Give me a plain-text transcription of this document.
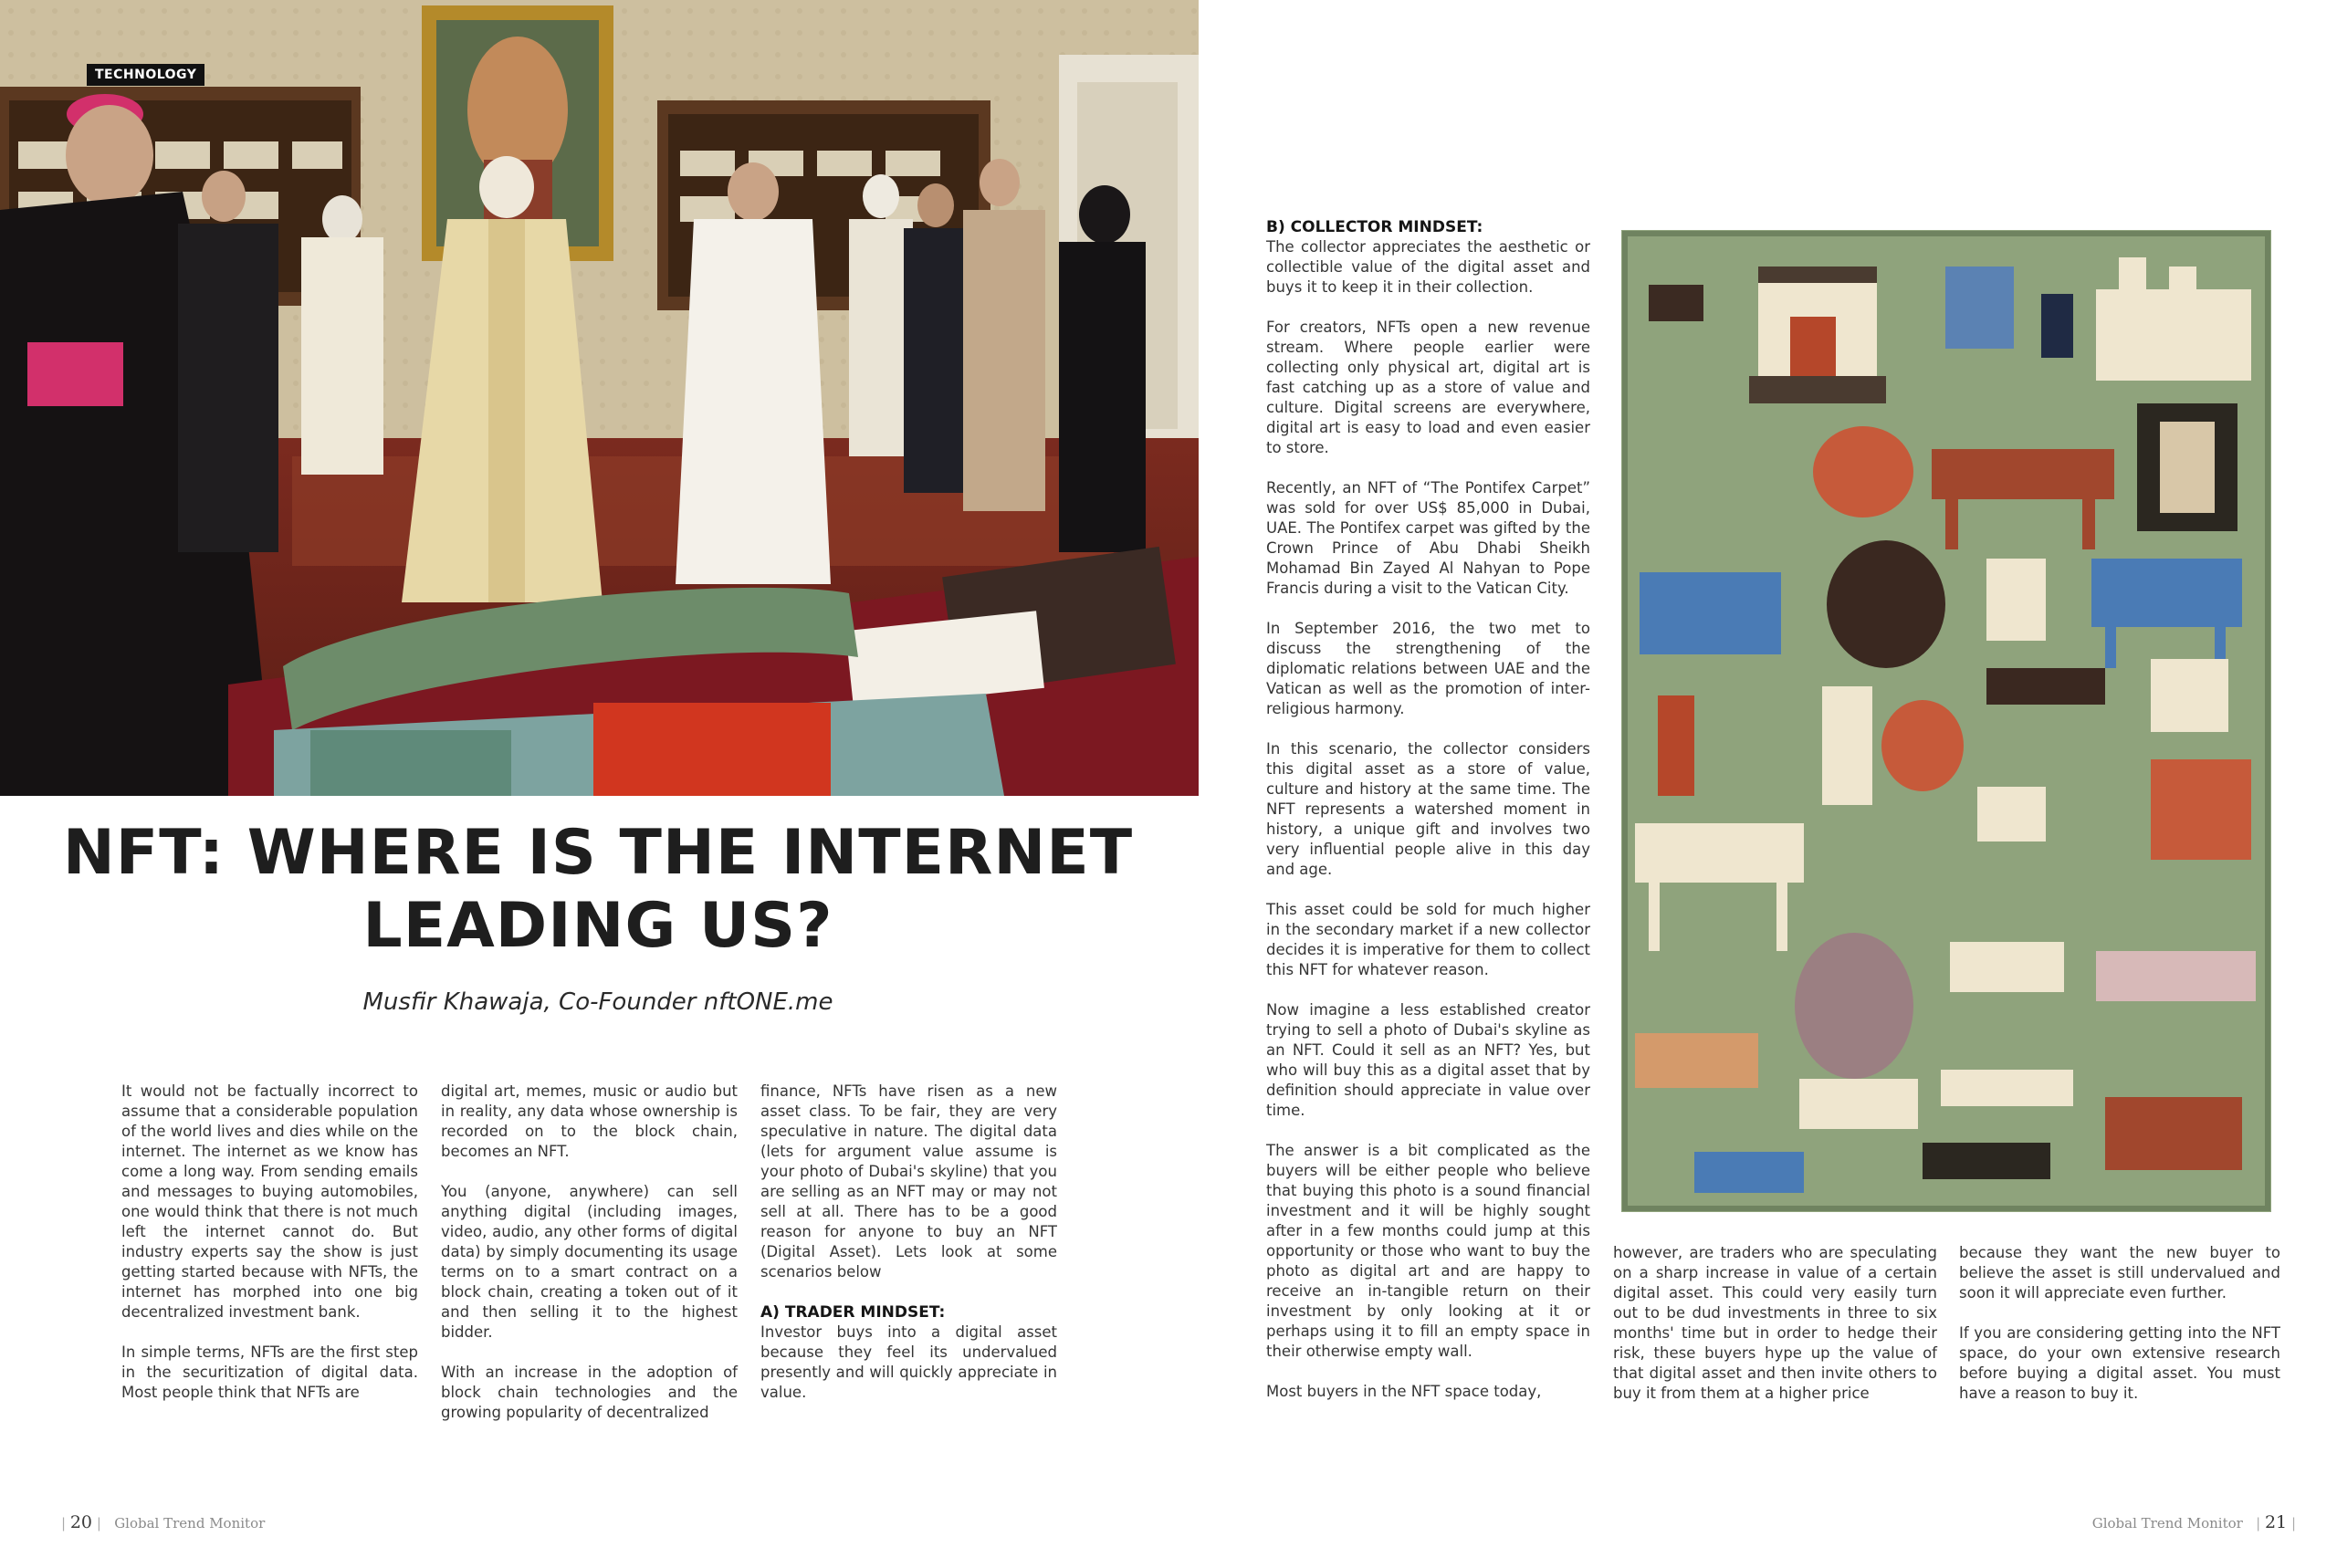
TECHNOLOGY
NFT: WHERE IS THE INTERNET
LEADING US?
Musfir Khawaja, Co-Founder nftONE.me

It would not be factually incorrect to assume that a considerable population of the world lives and dies while on the internet. The internet as we know has come a long way. From sending emails and messages to buying automobiles, one would think that there is not much left the internet cannot do. But industry experts say the show is just getting started because with NFTs, the internet has morphed into one big decentralized investment bank.

In simple terms, NFTs are the first step in the securitization of digital data. Most people think that NFTs are

digital art, memes, music or audio but in reality, any data whose ownership is recorded on to the block chain, becomes an NFT.

You (anyone, anywhere) can sell anything digital (including images, video, audio, any other forms of digital data) by simply documenting its usage terms on to a smart contract on a block chain, creating a token out of it and then selling it to the highest bidder.

With an increase in the adoption of block chain technologies and the growing popularity of decentralized

finance, NFTs have risen as a new asset class. To be fair, they are very speculative in nature. The digital data (lets for argument value assume is your photo of Dubai's skyline) that you are selling as an NFT may or may not sell at all. There has to be a good reason for anyone to buy an NFT (Digital Asset). Lets look at some scenarios below

A) TRADER MINDSET:

Investor buys into a digital asset because they feel its undervalued presently and will quickly appreciate in value.

B) COLLECTOR MINDSET:

The collector appreciates the aesthetic or collectible value of the digital asset and buys it to keep it in their collection.

For creators, NFTs open a new revenue stream. Where people earlier were collecting only physical art, digital art is fast catching up as a store of value and culture. Digital screens are everywhere, digital art is easy to load and even easier to store.

Recently, an NFT of “The Pontifex Carpet” was sold for over US$ 85,000 in Dubai, UAE. The Pontifex carpet was gifted by the Crown Prince of Abu Dhabi Sheikh Mohamad Bin Zayed Al Nahyan to Pope Francis during a visit to the Vatican City.

In September 2016, the two met to discuss the strengthening of the diplomatic relations between UAE and the Vatican as well as the promotion of inter-religious harmony.

In this scenario, the collector considers this digital asset as a store of value, culture and history at the same time. The NFT represents a watershed moment in history, a unique gift and involves two very influential people alive in this day and age.

This asset could be sold for much higher in the secondary market if a new collector decides it is imperative for them to collect this NFT for whatever reason.

Now imagine a less established creator trying to sell a photo of Dubai's skyline as an NFT. Could it sell as an NFT? Yes, but who will buy this as a digital asset that by definition should appreciate in value over time.

The answer is a bit complicated as the buyers will be either people who believe that buying this photo is a sound financial investment and it will be highly sought after in a few months could jump at this opportunity or those who want to buy the photo as digital art and are happy to receive an in-tangible return on their investment by only looking at it or perhaps using it to fill an empty space in their otherwise empty wall.

Most buyers in the NFT space today,

however, are traders who are speculating on a sharp increase in value of a certain digital asset. This could very easily turn out to be dud investments in three to six months' time but in order to hedge their risk, these buyers hype up the value of that digital asset and then invite others to buy it from them at a higher price

because they want the new buyer to believe the asset is still undervalued and soon it will appreciate even further.

If you are considering getting into the NFT space, do your own extensive research before buying a digital asset. You must have a reason to buy it.

| 20 | Global Trend Monitor	Global Trend Monitor | 21 |
